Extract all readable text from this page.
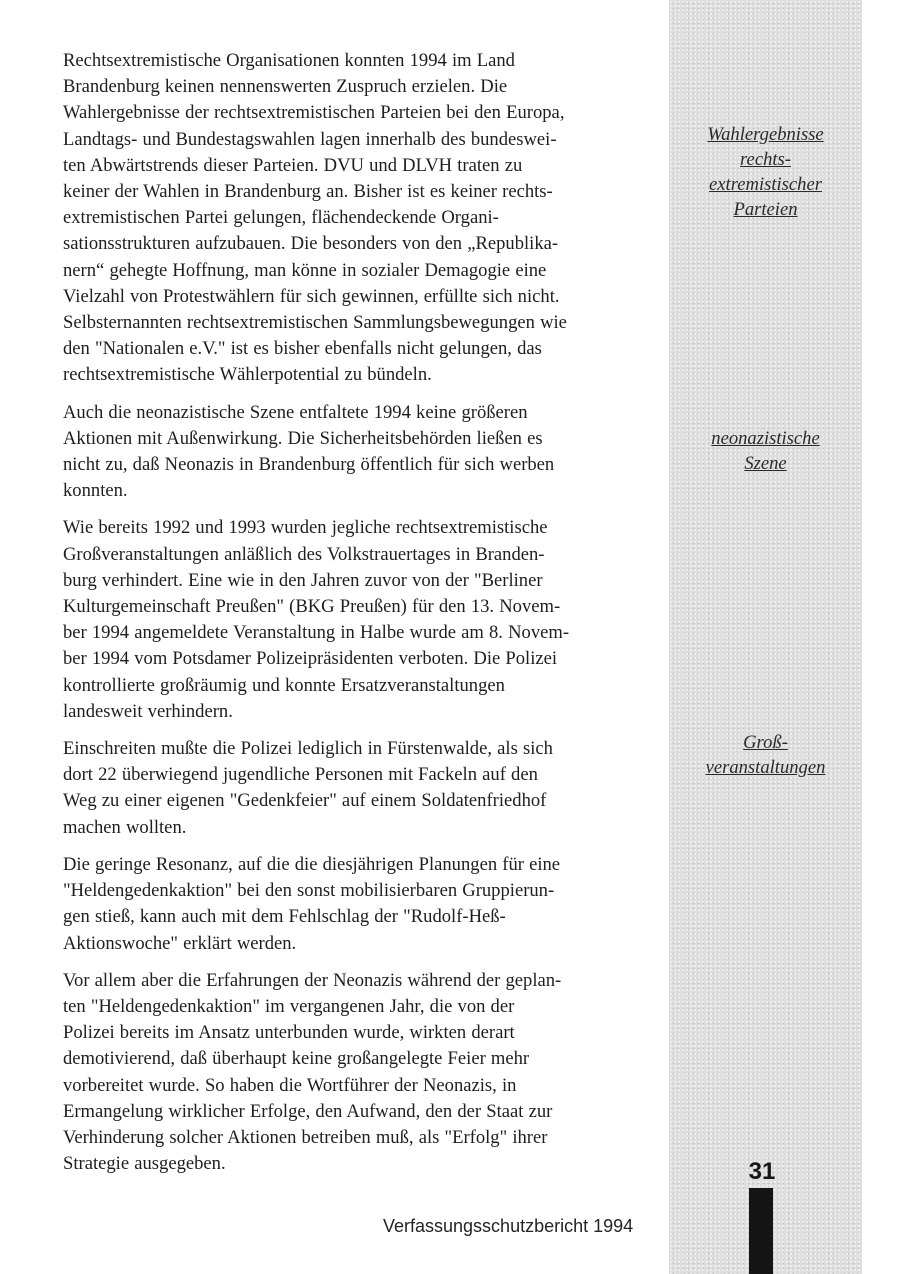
Rechtsextremistische Organisationen konnten 1994 im Land
Brandenburg keinen nennenswerten Zuspruch erzielen. Die
Wahlergebnisse der rechtsextremistischen Parteien bei den Europa,
Landtags- und Bundestagswahlen lagen innerhalb des bundeswei-
ten Abwärtstrends dieser Parteien. DVU und DLVH traten zu
keiner der Wahlen in Brandenburg an. Bisher ist es keiner rechts-
extremistischen Partei gelungen, flächendeckende Organi-
sationsstrukturen aufzubauen. Die besonders von den „Republika-
nern“ gehegte Hoffnung, man könne in sozialer Demagogie eine
Vielzahl von Protestwählern für sich gewinnen, erfüllte sich nicht.
Selbsternannten rechtsextremistischen Sammlungsbewegungen wie
den "Nationalen e.V." ist es bisher ebenfalls nicht gelungen, das
rechtsextremistische Wählerpotential zu bündeln.

Auch die neonazistische Szene entfaltete 1994 keine größeren
Aktionen mit Außenwirkung. Die Sicherheitsbehörden ließen es
nicht zu, daß Neonazis in Brandenburg öffentlich für sich werben
konnten.

Wie bereits 1992 und 1993 wurden jegliche rechtsextremistische
Großveranstaltungen anläßlich des Volkstrauertages in Branden-
burg verhindert. Eine wie in den Jahren zuvor von der "Berliner
Kulturgemeinschaft Preußen" (BKG Preußen) für den 13. Novem-
ber 1994 angemeldete Veranstaltung in Halbe wurde am 8. Novem-
ber 1994 vom Potsdamer Polizeipräsidenten verboten. Die Polizei
kontrollierte großräumig und konnte Ersatzveranstaltungen
landesweit verhindern.

Einschreiten mußte die Polizei lediglich in Fürstenwalde, als sich
dort 22 überwiegend jugendliche Personen mit Fackeln auf den
Weg zu einer eigenen "Gedenkfeier" auf einem Soldatenfriedhof
machen wollten.

Die geringe Resonanz, auf die die diesjährigen Planungen für eine
"Heldengedenkaktion" bei den sonst mobilisierbaren Gruppierun-
gen stieß, kann auch mit dem Fehlschlag der "Rudolf-Heß-
Aktionswoche" erklärt werden.

Vor allem aber die Erfahrungen der Neonazis während der geplan-
ten "Heldengedenkaktion" im vergangenen Jahr, die von der
Polizei bereits im Ansatz unterbunden wurde, wirkten derart
demotivierend, daß überhaupt keine großangelegte Feier mehr
vorbereitet wurde. So haben die Wortführer der Neonazis, in
Ermangelung wirklicher Erfolge, den Aufwand, den der Staat zur
Verhinderung solcher Aktionen betreiben muß, als "Erfolg" ihrer
Strategie ausgegeben.

Wahlergebnisse
rechts-
extremistischer
Parteien
neonazistische
Szene
Groß-
veranstaltungen
31
Verfassungsschutzbericht 1994
